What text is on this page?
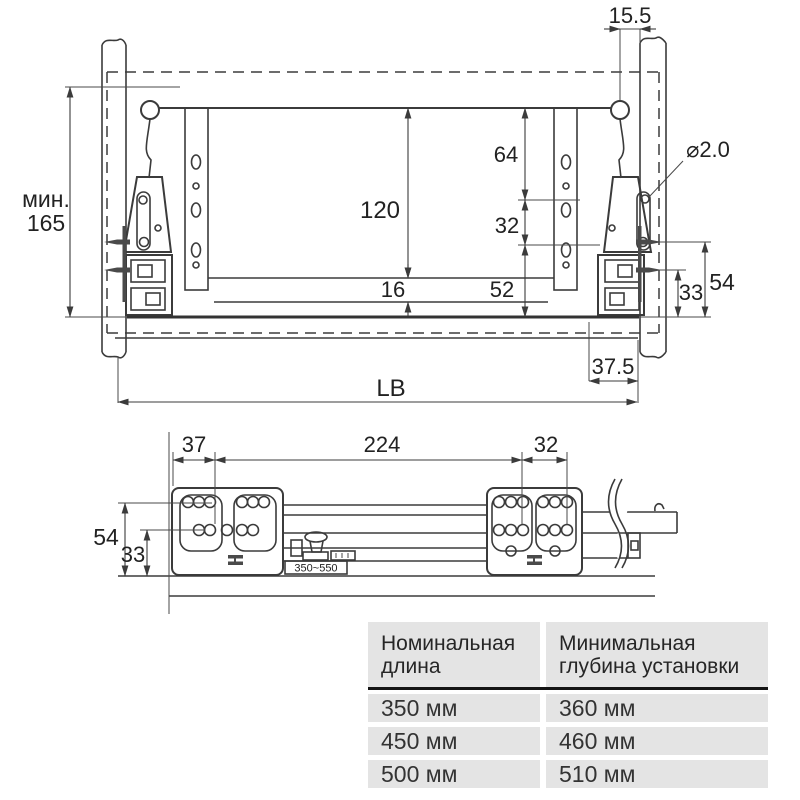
15.5
мин.
165
⌀2.0
64
32
120
16	52	33 54
37.5
LB
350~550
37	224	32
54
33
Номинальная длина
Минимальная глубина установки
350 мм	360 мм
450 мм	460 мм
500 мм	510 мм
